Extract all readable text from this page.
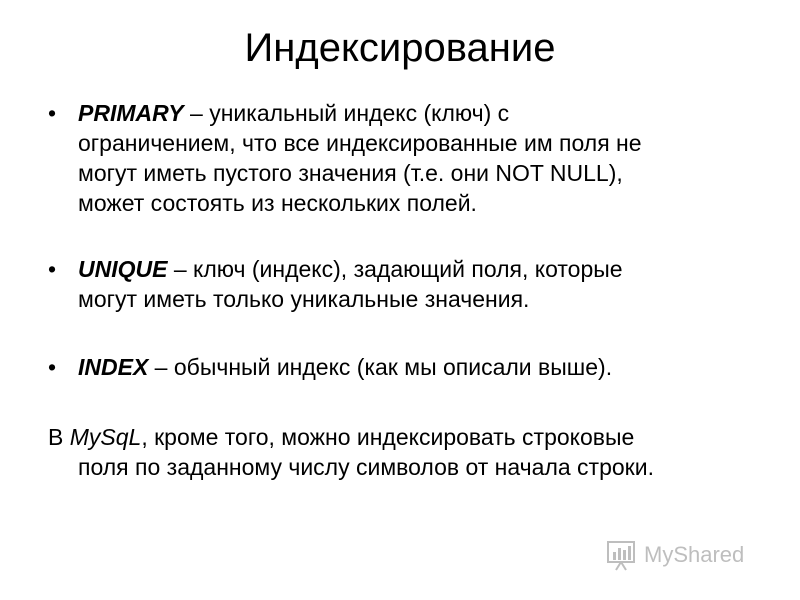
Индексирование
• PRIMARY – уникальный индекс (ключ) с
ограничением, что все индексированные им поля не
могут иметь пустого значения (т.е. они NOT NULL),
может состоять из нескольких полей.
• UNIQUE – ключ (индекс), задающий поля, которые
могут иметь только уникальные значения.
• INDEX – обычный индекс (как мы описали выше).
В MySqL, кроме того, можно индексировать строковые
поля по заданному числу символов от начала строки.
MyShared
